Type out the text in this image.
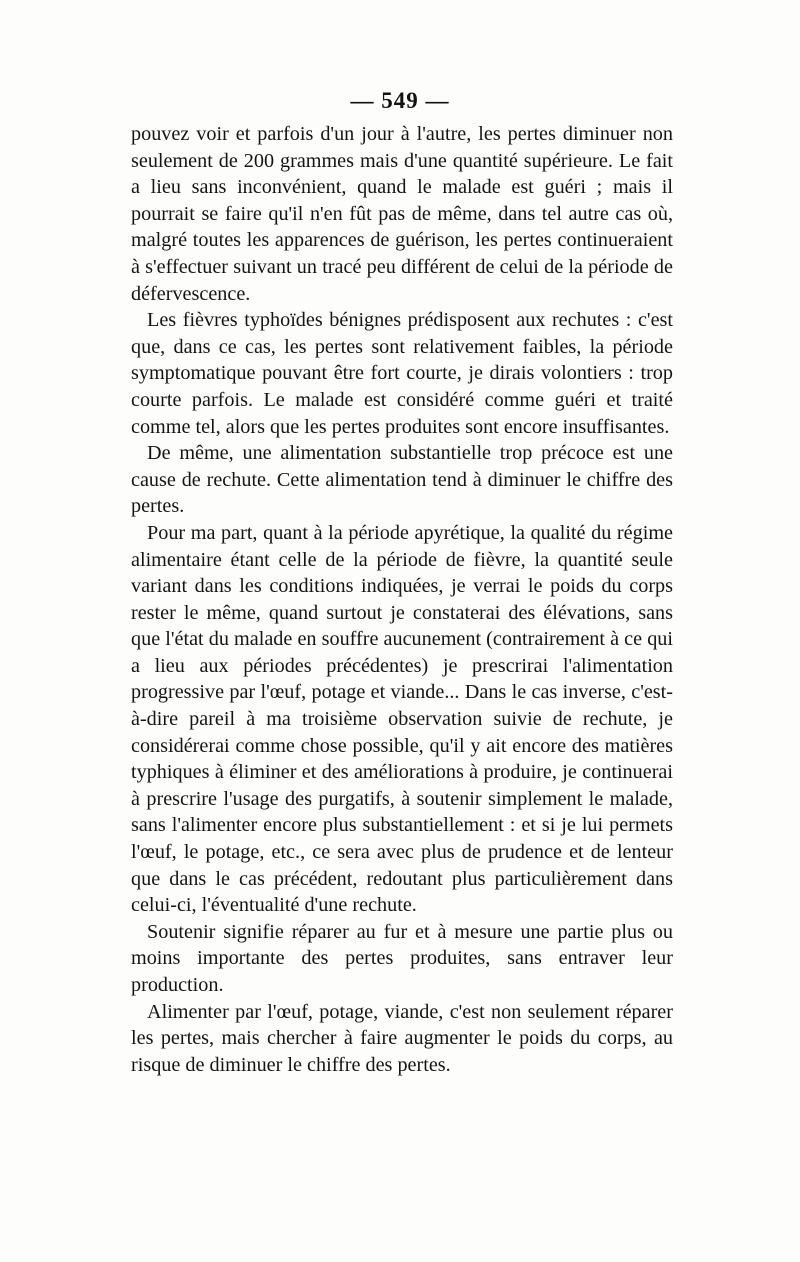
— 549 —

pouvez voir et parfois d'un jour à l'autre, les pertes diminuer non seulement de 200 grammes mais d'une quantité supérieure. Le fait a lieu sans inconvénient, quand le malade est guéri ; mais il pourrait se faire qu'il n'en fût pas de même, dans tel autre cas où, malgré toutes les apparences de guérison, les pertes continueraient à s'effectuer suivant un tracé peu différent de celui de la période de défervescence.

Les fièvres typhoïdes bénignes prédisposent aux rechutes : c'est que, dans ce cas, les pertes sont relativement faibles, la période symptomatique pouvant être fort courte, je dirais volontiers : trop courte parfois. Le malade est considéré comme guéri et traité comme tel, alors que les pertes produites sont encore insuffisantes.

De même, une alimentation substantielle trop précoce est une cause de rechute. Cette alimentation tend à diminuer le chiffre des pertes.

Pour ma part, quant à la période apyrétique, la qualité du régime alimentaire étant celle de la période de fièvre, la quantité seule variant dans les conditions indiquées, je verrai le poids du corps rester le même, quand surtout je constaterai des élévations, sans que l'état du malade en souffre aucunement (contrairement à ce qui a lieu aux périodes précédentes) je prescrirai l'alimentation progressive par l'œuf, potage et viande... Dans le cas inverse, c'est-à-dire pareil à ma troisième observation suivie de rechute, je considérerai comme chose possible, qu'il y ait encore des matières typhiques à éliminer et des améliorations à produire, je continuerai à prescrire l'usage des purgatifs, à soutenir simplement le malade, sans l'alimenter encore plus substantiellement : et si je lui permets l'œuf, le potage, etc., ce sera avec plus de prudence et de lenteur que dans le cas précédent, redoutant plus particulièrement dans celui-ci, l'éventualité d'une rechute.

Soutenir signifie réparer au fur et à mesure une partie plus ou moins importante des pertes produites, sans entraver leur production.

Alimenter par l'œuf, potage, viande, c'est non seulement réparer les pertes, mais chercher à faire augmenter le poids du corps, au risque de diminuer le chiffre des pertes.
